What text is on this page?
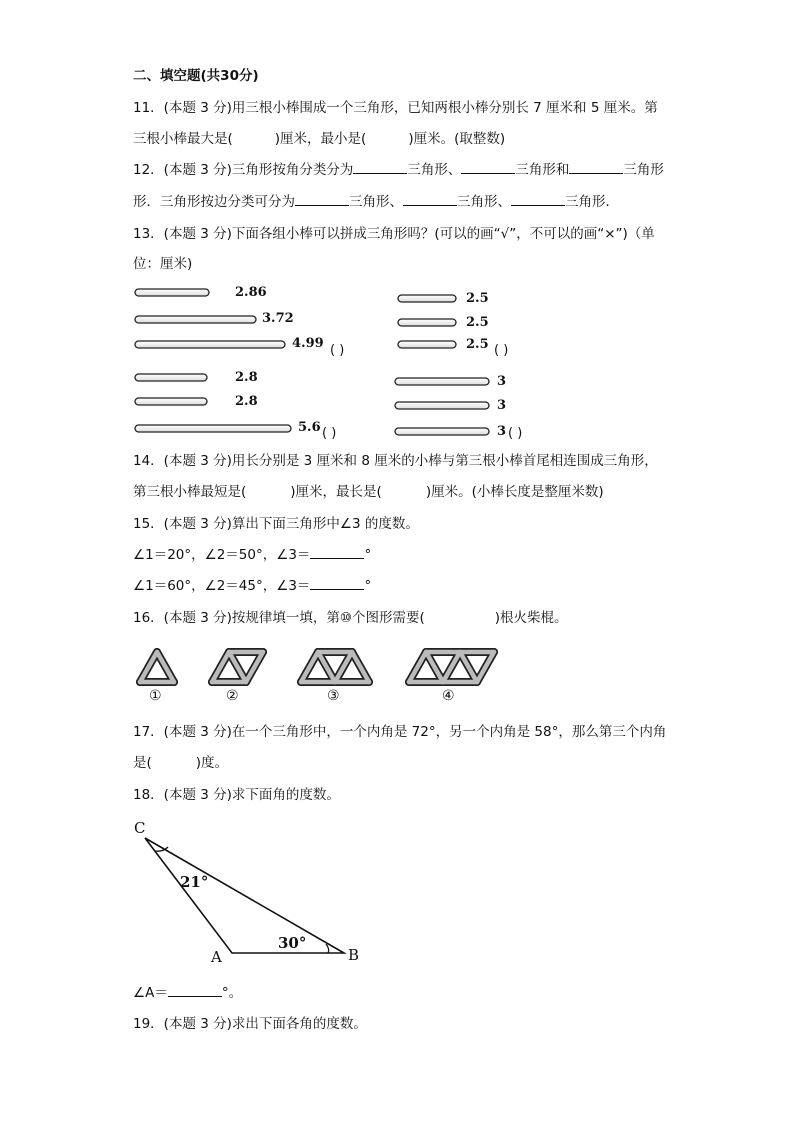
二、填空题(共30分)
11．(本题 3 分)用三根小棒围成一个三角形，已知两根小棒分别长 7 厘米和 5 厘米。第
三根小棒最大是(	)厘米，最小是(	)厘米。(取整数)
12．(本题 3 分)三角形按角分类分为	三角形、	三角形和	三角形
形．三角形按边分类可分为	三角形、	三角形、	三角形．
13．(本题 3 分)下面各组小棒可以拼成三角形吗？(可以的画“√”，不可以的画“×”)（单
位：厘米)
2.86
3.72
4.99 ( )
2.5
2.5
2.5 ( )
2.8
2.8
5.6 ( )
3
3
3 ( )
14．(本题 3 分)用长分别是 3 厘米和 8 厘米的小棒与第三根小棒首尾相连围成三角形，
第三根小棒最短是(	)厘米，最长是(	)厘米。(小棒长度是整厘米数)
15．(本题 3 分)算出下面三角形中∠3 的度数。
∠1＝20°，∠2＝50°，∠3＝	°
∠1＝60°，∠2＝45°，∠3＝	°
16．(本题 3 分)按规律填一填，第⑩个图形需要(	)根火柴棍。
①	②	③	④
17．(本题 3 分)在一个三角形中，一个内角是 72°，另一个内角是 58°，那么第三个内角
是(	)度。
18．(本题 3 分)求下面角的度数。
C
A	B
21°
30°
∠A＝	°。
19．(本题 3 分)求出下面各角的度数。
